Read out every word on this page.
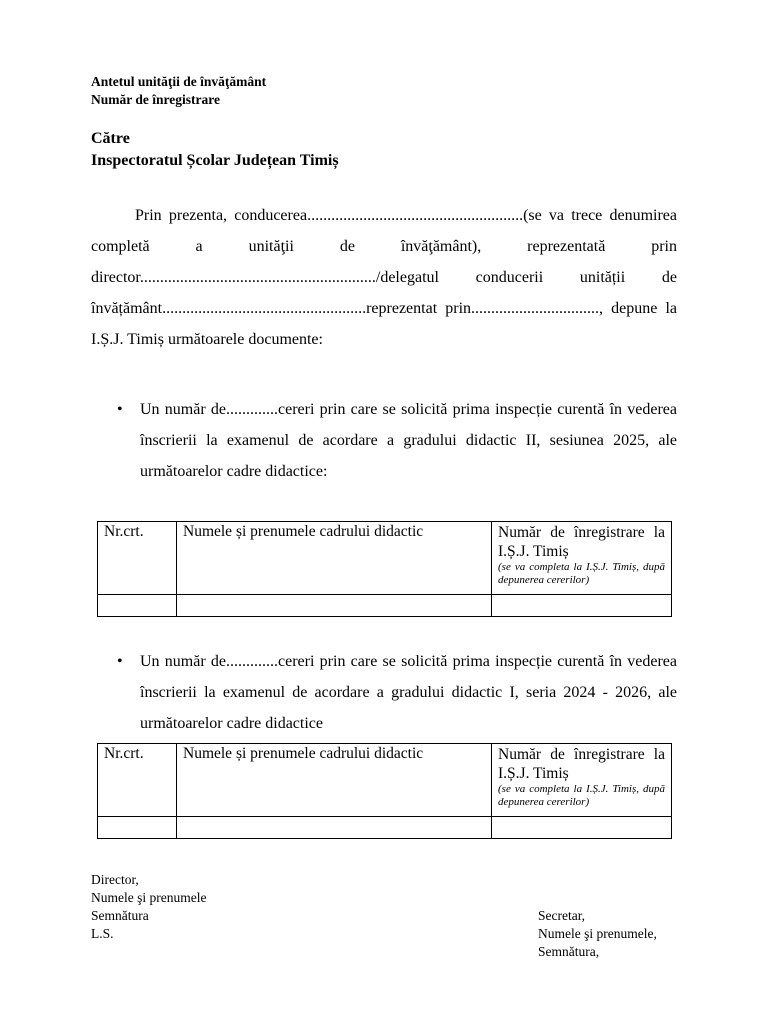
Antetul unităţii de învăţământ
Număr de înregistrare
Către
Inspectoratul Școlar Județean Timiș

Prin prezenta, conducerea......................................................(se va trece denumirea completă a unităţii de învăţământ), reprezentată prin director.........................................................../delegatul conducerii unității de învățământ...................................................reprezentat prin................................, depune la I.Ș.J. Timiș următoarele documente:

•	Un număr de.............cereri prin care se solicită prima inspecție curentă în vederea înscrierii la examenul de acordare a gradului didactic II, sesiunea 2025, ale următoarelor cadre didactice:
Nr.crt.	Numele și prenumele cadrului didactic	Număr de înregistrare la I.Ș.J. Timiș
(se va completa la I.Ș.J. Timiș, după depunerea cererilor)

•	Un număr de.............cereri prin care se solicită prima inspecție curentă în vederea înscrierii la examenul de acordare a gradului didactic I, seria 2024 - 2026, ale următoarelor cadre didactice
Nr.crt.	Numele și prenumele cadrului didactic	Număr de înregistrare la I.Ș.J. Timiș
(se va completa la I.Ș.J. Timiș, după depunerea cererilor)

Director,
Numele şi prenumele
Semnătura
L.S.
Secretar,
Numele şi prenumele,
Semnătura,
